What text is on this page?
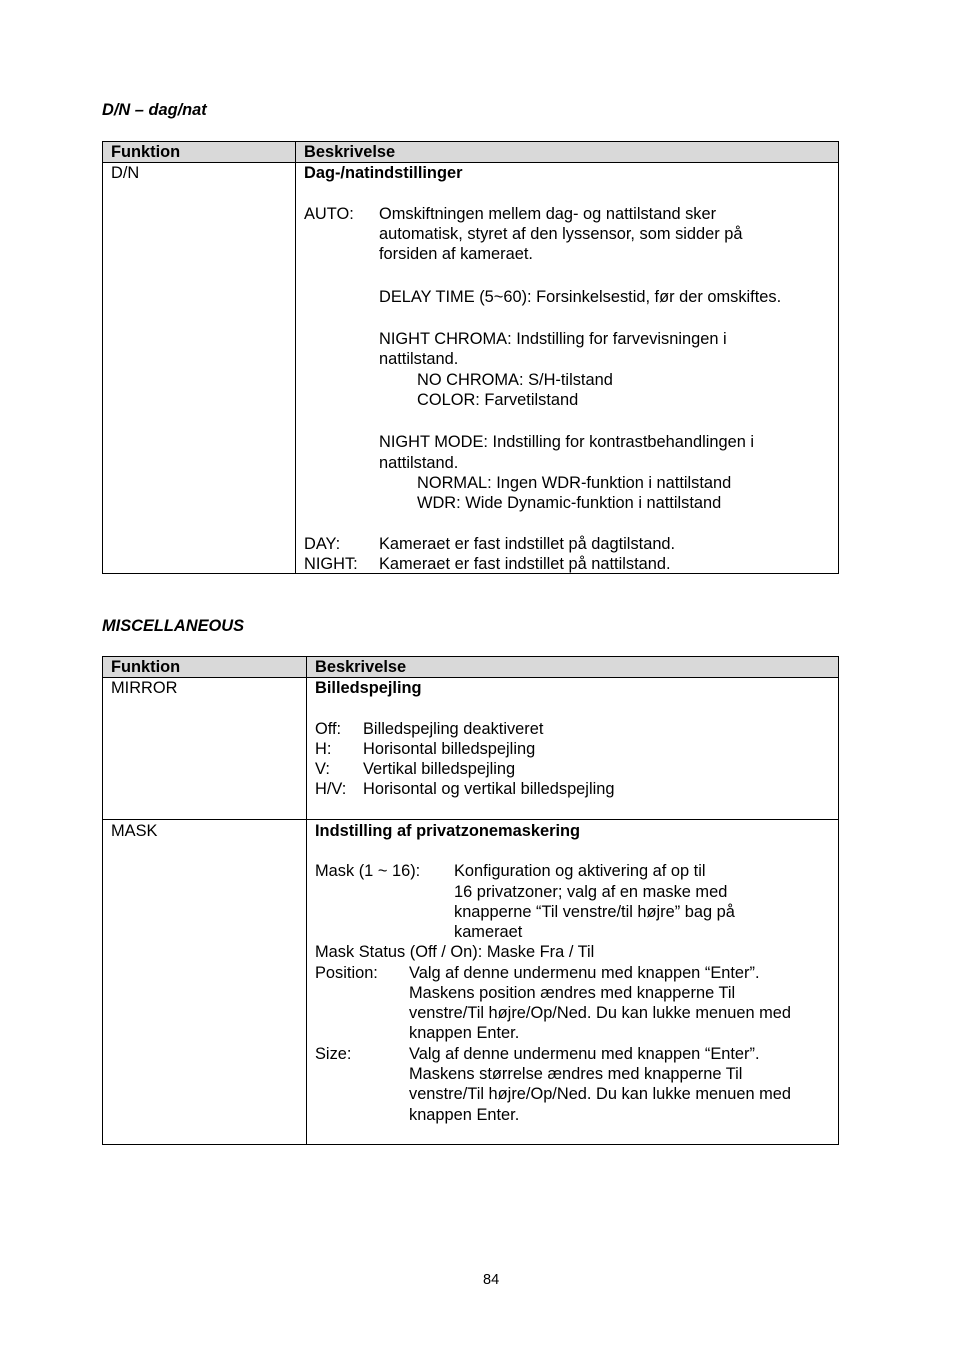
D/N – dag/nat
Funktion	Beskrivelse
D/N	Dag-/natindstillinger
AUTO: Omskiftningen mellem dag- og nattilstand sker
automatisk, styret af den lyssensor, som sidder på
forsiden af kameraet.
DELAY TIME (5~60): Forsinkelsestid, før der omskiftes.
NIGHT CHROMA: Indstilling for farvevisningen i
nattilstand.
NO CHROMA: S/H-tilstand
COLOR: Farvetilstand
NIGHT MODE: Indstilling for kontrastbehandlingen i
nattilstand.
NORMAL: Ingen WDR-funktion i nattilstand
WDR: Wide Dynamic-funktion i nattilstand
DAY: Kameraet er fast indstillet på dagtilstand.
NIGHT: Kameraet er fast indstillet på nattilstand.
MISCELLANEOUS
Funktion	Beskrivelse
MIRROR	Billedspejling
Off: Billedspejling deaktiveret
H: Horisontal billedspejling
V: Vertikal billedspejling
H/V: Horisontal og vertikal billedspejling
MASK	Indstilling af privatzonemaskering
Mask (1 ~ 16): Konfiguration og aktivering af op til
16 privatzoner; valg af en maske med
knapperne “Til venstre/til højre” bag på
kameraet
Mask Status (Off / On): Maske Fra / Til
Position: Valg af denne undermenu med knappen “Enter”.
Maskens position ændres med knapperne Til
venstre/Til højre/Op/Ned. Du kan lukke menuen med
knappen Enter.
Size:	Valg af denne undermenu med knappen “Enter”.
Maskens størrelse ændres med knapperne Til
venstre/Til højre/Op/Ned. Du kan lukke menuen med
knappen Enter.
84
